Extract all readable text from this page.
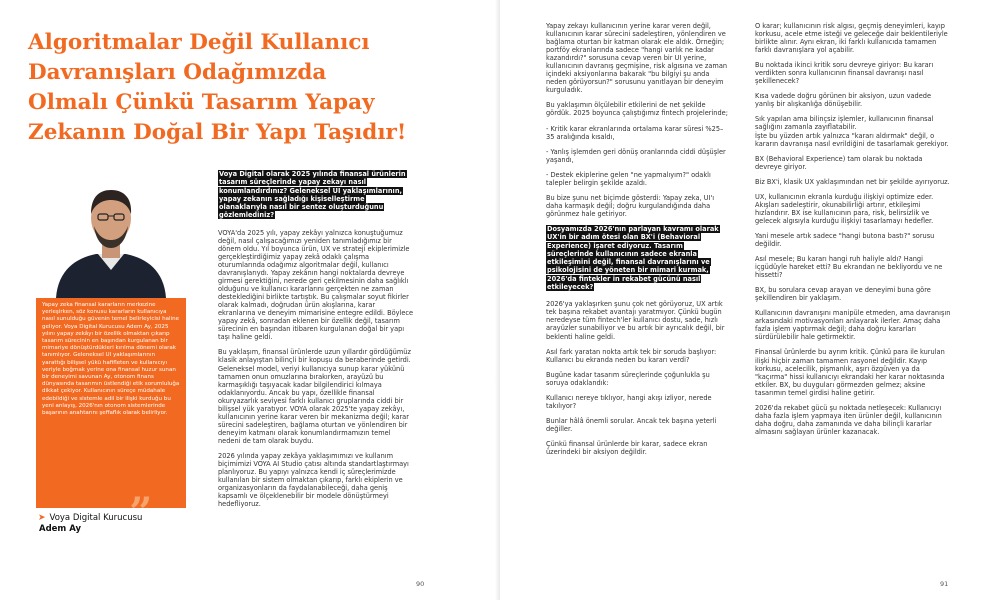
Algoritmalar Değil Kullanıcı
Davranışları Odağımızda
Olmalı Çünkü Tasarım Yapay
Zekanın Doğal Bir Yapı Taşıdır!

Yapay zeka finansal kararların merkezine yerleşirken, söz konusu kararların kullanıcıya nasıl sunulduğu güvenin temel belirleyicisi haline geliyor. Voya Digital Kurucusu Adem Ay, 2025 yılını yapay zekâyı bir özellik olmaktan çıkarıp tasarım sürecinin en başından kurgulanan bir mimariye dönüştürdükleri kırılma dönemi olarak tanımlıyor. Geleneksel UI yaklaşımlarının yarattığı bilişsel yükü hafifleten ve kullanıcıyı veriyle boğmak yerine ona finansal huzur sunan bir deneyimi savunan Ay, otonom finans dünyasında tasarımın üstlendiği etik sorumluluğa dikkat çekiyor. Kullanıcının süreçe müdahale edebildiği ve sistemle adil bir ilişki kurduğu bu yeni anlayış, 2026'nın otonom sistemlerinde başarının anahtarını şeffaflık olarak belirliyor.

„
➤ Voya Digital Kurucusu
Adem Ay

Voya Digital olarak 2025 yılında finansal ürünlerin tasarım süreçlerinde yapay zekayı nasıl konumlandırdınız? Geleneksel UI yaklaşımlarının, yapay zekanın sağladığı kişiselleştirme olanaklarıyla nasıl bir sentez oluşturduğunu gözlemlediniz?

VOYA'da 2025 yılı, yapay zekâyı yalnızca konuştuğumuz değil, nasıl çalışacağımızı yeniden tanımladığımız bir dönem oldu. Yıl boyunca ürün, UX ve strateji ekiplerimizle gerçekleştirdiğimiz yapay zekâ odaklı çalışma oturumlarında odağımız algoritmalar değil, kullanıcı davranışlarıydı. Yapay zekânın hangi noktalarda devreye girmesi gerektiğini, nerede geri çekilmesinin daha sağlıklı olduğunu ve kullanıcı kararlarını gerçekten ne zaman desteklediğini birlikte tartıştık. Bu çalışmalar soyut fikirler olarak kalmadı, doğrudan ürün akışlarına, karar ekranlarına ve deneyim mimarisine entegre edildi. Böylece yapay zekâ, sonradan eklenen bir özellik değil, tasarım sürecinin en başından itibaren kurgulanan doğal bir yapı taşı haline geldi.

Bu yaklaşım, finansal ürünlerde uzun yıllardır gördüğümüz klasik anlayıştan bilinçli bir kopuşu da beraberinde getirdi. Geleneksel model, veriyi kullanıcıya sunup karar yükünü tamamen onun omuzlarına bırakırken, arayüzü bu karmaşıklığı taşıyacak kadar bilgilendirici kılmaya odaklanıyordu. Ancak bu yapı, özellikle finansal okuryazarlık seviyesi farklı kullanıcı gruplarında ciddi bir bilişsel yük yaratıyor. VOYA olarak 2025'te yapay zekâyı, kullanıcının yerine karar veren bir mekanizma değil; karar sürecini sadeleştiren, bağlama oturtan ve yönlendiren bir deneyim katmanı olarak konumlandırmamızın temel nedeni de tam olarak buydu.

2026 yılında yapay zekâya yaklaşımımızı ve kullanım biçimimizi VOYA AI Studio çatısı altında standartlaştırmayı planlıyoruz. Bu yapıyı yalnızca kendi iç süreçlerimizde kullanılan bir sistem olmaktan çıkarıp, farklı ekiplerin ve organizasyonların da faydalanabileceği, daha geniş kapsamlı ve ölçeklenebilir bir modele dönüştürmeyi hedefliyoruz.

90

Yapay zekayı kullanıcının yerine karar veren değil, kullanıcının karar sürecini sadeleştiren, yönlendiren ve bağlama oturtan bir katman olarak ele aldık. Örneğin; portföy ekranlarında sadece "hangi varlık ne kadar kazandırdı?" sorusuna cevap veren bir UI yerine, kullanıcının davranış geçmişine, risk algısına ve zaman içindeki aksiyonlarına bakarak "bu bilgiyi şu anda neden görüyorsun?" sorusunu yanıtlayan bir deneyim kurguladık.

Bu yaklaşımın ölçülebilir etkilerini de net şekilde gördük. 2025 boyunca çalıştığımız fintech projelerinde;

- Kritik karar ekranlarında ortalama karar süresi %25–35 aralığında kısaldı,

- Yanlış işlemden geri dönüş oranlarında ciddi düşüşler yaşandı,

- Destek ekiplerine gelen "ne yapmalıyım?" odaklı talepler belirgin şekilde azaldı.

Bu bize şunu net biçimde gösterdi: Yapay zeka, UI'ı daha karmaşık değil; doğru kurgulandığında daha görünmez hale getiriyor.

Dosyamızda 2026'nın parlayan kavramı olarak UX'in bir adım ötesi olan BX'i (Behavioral Experience) işaret ediyoruz. Tasarım süreçlerinde kullanıcının sadece ekranla etkileşimini değil, finansal davranışlarını ve psikolojisini de yöneten bir mimari kurmak, 2026'da fintekler in rekabet gücünü nasıl etkileyecek?

2026'ya yaklaşırken şunu çok net görüyoruz, UX artık tek başına rekabet avantajı yaratmıyor. Çünkü bugün neredeyse tüm fintech'ler kullanıcı dostu, sade, hızlı arayüzler sunabiliyor ve bu artık bir ayrıcalık değil, bir beklenti haline geldi.

Asıl fark yaratan nokta artık tek bir soruda başlıyor: Kullanıcı bu ekranda neden bu kararı verdi?

Bugüne kadar tasarım süreçlerinde çoğunlukla şu soruya odaklandık:

Kullanıcı nereye tıklıyor, hangi akışı izliyor, nerede takılıyor?

Bunlar hâlâ önemli sorular. Ancak tek başına yeterli değiller.

Çünkü finansal ürünlerde bir karar, sadece ekran üzerindeki bir aksiyon değildir.

O karar; kullanıcının risk algısı, geçmiş deneyimleri, kayıp korkusu, acele etme isteği ve geleceğe dair beklentileriyle birlikte alınır. Aynı ekran, iki farklı kullanıcıda tamamen farklı davranışlara yol açabilir.

Bu noktada ikinci kritik soru devreye giriyor: Bu kararı verdikten sonra kullanıcının finansal davranışı nasıl şekillenecek?

Kısa vadede doğru görünen bir aksiyon, uzun vadede yanlış bir alışkanlığa dönüşebilir.

Sık yapılan ama bilinçsiz işlemler, kullanıcının finansal sağlığını zamanla zayıflatabilir.
İşte bu yüzden artık yalnızca "kararı aldırmak" değil, o kararın davranışa nasıl evrildiğini de tasarlamak gerekiyor.

BX (Behavioral Experience) tam olarak bu noktada devreye giriyor.

Biz BX'i, klasik UX yaklaşımından net bir şekilde ayırıyoruz.

UX, kullanıcının ekranla kurduğu ilişkiyi optimize eder. Akışları sadeleştirir, okunabilirliği artırır, etkileşimi hızlandırır. BX ise kullanıcının para, risk, belirsizlik ve gelecek algısıyla kurduğu ilişkiyi tasarlamayı hedefler.

Yani mesele artık sadece "hangi butona bastı?" sorusu değildir.

Asıl mesele; Bu kararı hangi ruh haliyle aldı? Hangi içgüdüyle hareket etti? Bu ekrandan ne bekliyordu ve ne hissetti?

BX, bu sorulara cevap arayan ve deneyimi buna göre şekillendiren bir yaklaşım.

Kullanıcının davranışını manipüle etmeden, ama davranışın arkasındaki motivasyonları anlayarak ilerler. Amaç daha fazla işlem yaptırmak değil; daha doğru kararları sürdürülebilir hale getirmektir.

Finansal ürünlerde bu ayrım kritik. Çünkü para ile kurulan ilişki hiçbir zaman tamamen rasyonel değildir. Kayıp korkusu, acelecilik, pişmanlık, aşırı özgüven ya da "kaçırma" hissi kullanıcıyı ekrandaki her karar noktasında etkiler. BX, bu duyguları görmezden gelmez; aksine tasarımın temel girdisi haline getirir.

2026'da rekabet gücü şu noktada netleşecek: Kullanıcıyı daha fazla işlem yapmaya iten ürünler değil, kullanıcının daha doğru, daha zamanında ve daha bilinçli kararlar almasını sağlayan ürünler kazanacak.

91
